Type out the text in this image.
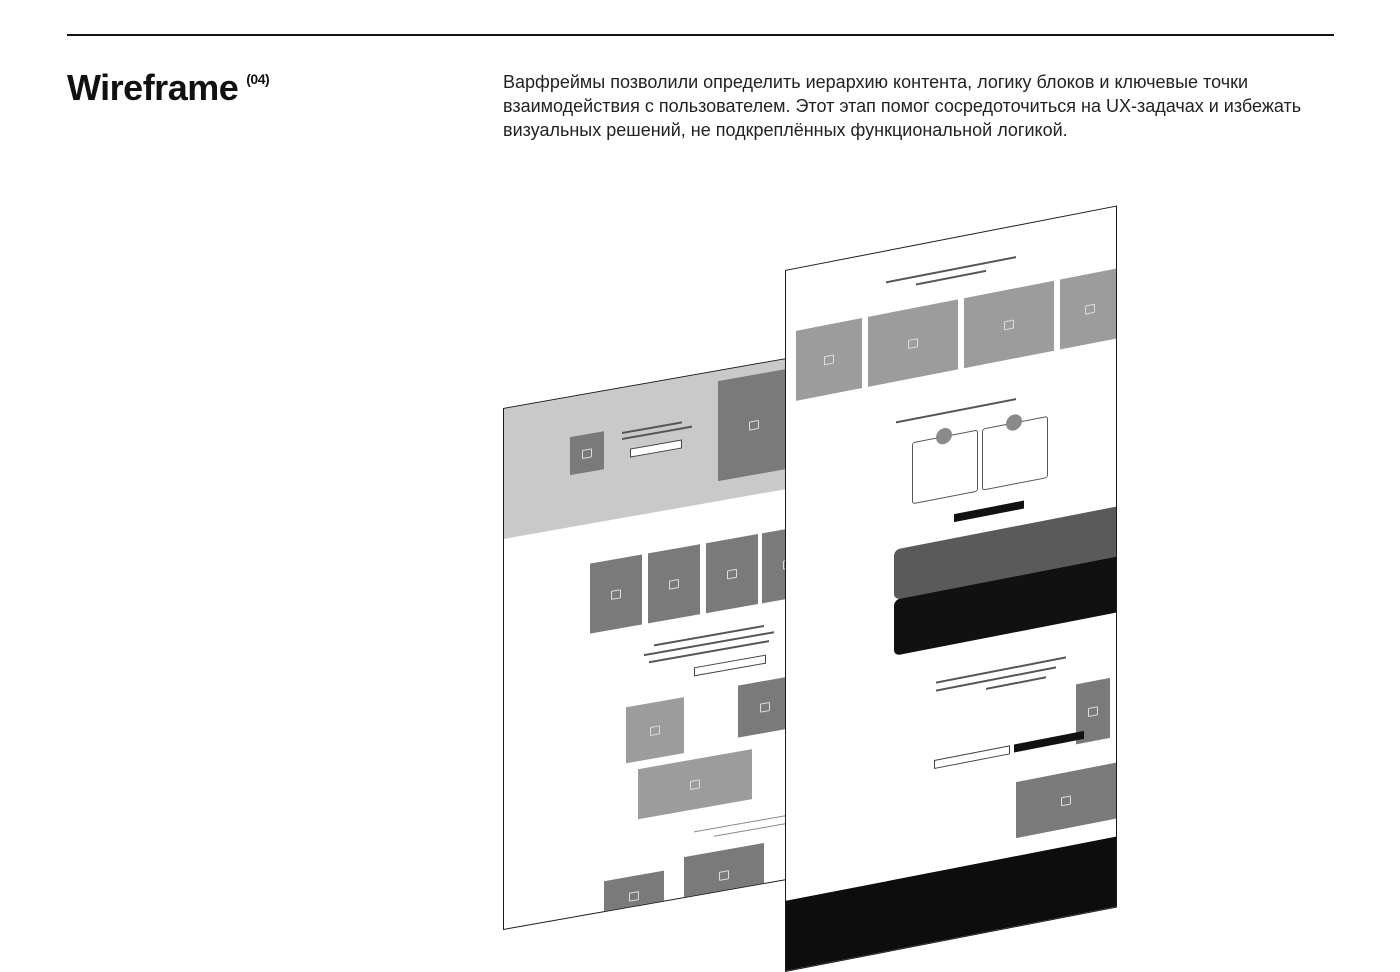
Wireframe $^{(04)}$	Варфреймы позволили определить иерархию контента, логику блоков и ключевые точки взаимодействия с пользователем. Этот этап помог сосредоточиться на UX-задачах и избежать визуальных решений, не подкреплённых функциональной логикой.
